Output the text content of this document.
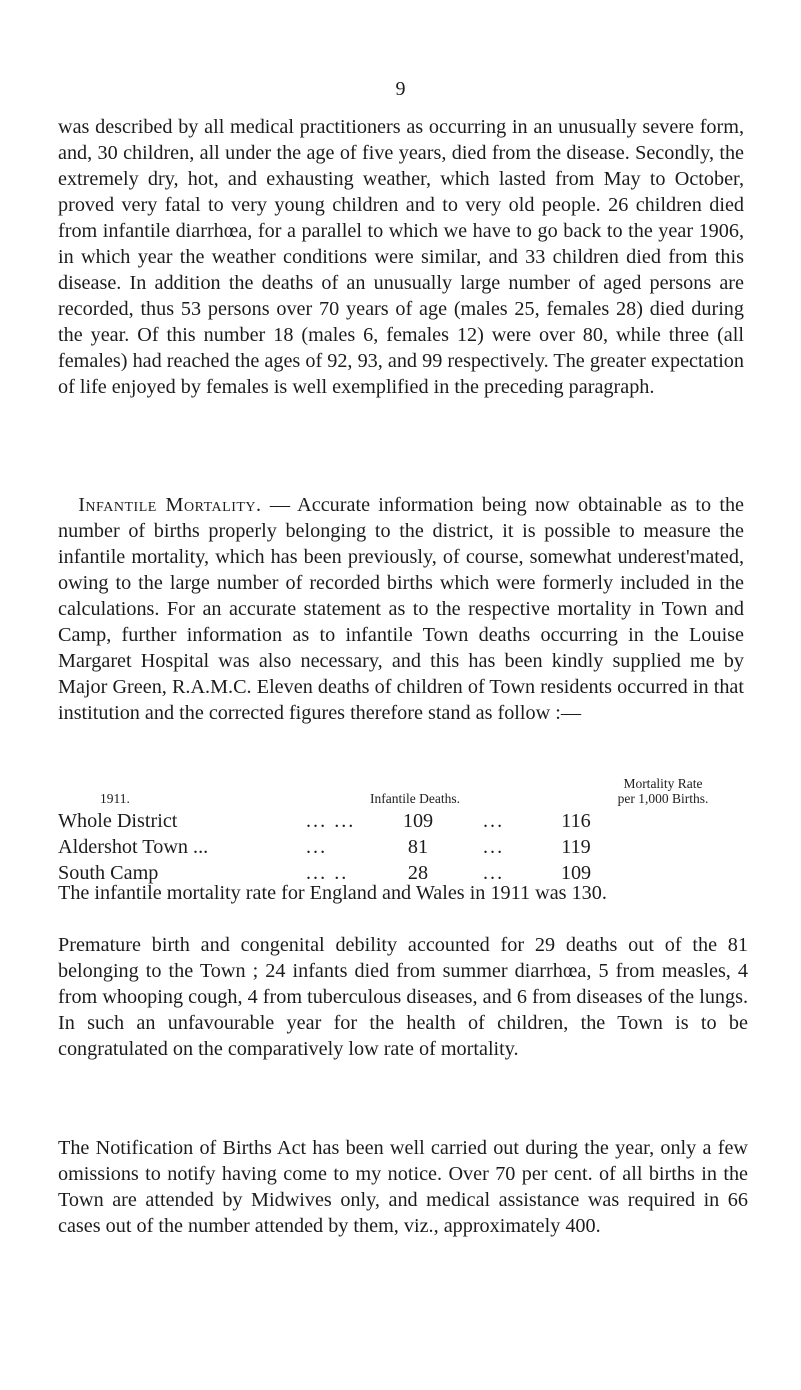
9

was described by all medical practitioners as occurring in an unusually severe form, and, 30 children, all under the age of five years, died from the disease. Secondly, the extremely dry, hot, and exhausting weather, which lasted from May to October, proved very fatal to very young children and to very old people. 26 children died from infantile diarrhœa, for a parallel to which we have to go back to the year 1906, in which year the weather conditions were similar, and 33 children died from this disease. In addition the deaths of an unusually large number of aged persons are recorded, thus 53 persons over 70 years of age (males 25, females 28) died during the year. Of this number 18 (males 6, females 12) were over 80, while three (all females) had reached the ages of 92, 93, and 99 respectively. The greater expectation of life enjoyed by females is well exemplified in the preceding paragraph.

 Infantile Mortality. — Accurate information being now obtainable as to the number of births properly belonging to the district, it is possible to measure the infantile mortality, which has been previously, of course, somewhat underest'mated, owing to the large number of recorded births which were formerly included in the calculations. For an accurate statement as to the respective mortality in Town and Camp, further information as to infantile Town deaths occurring in the Louise Margaret Hospital was also necessary, and this has been kindly supplied me by Major Green, R.A.M.C. Eleven deaths of children of Town residents occurred in that institution and the corrected figures therefore stand as follow :—

1911.	Infantile Deaths.
Mortality Rate
per 1,000 Births.
Whole District	... ...	109	...	116
Aldershot Town ...	...	81	...	119
South Camp	... ..	28	...	109

The infantile mortality rate for England and Wales in 1911 was 130.

Premature birth and congenital debility accounted for 29 deaths out of the 81 belonging to the Town ; 24 infants died from summer diarrhœa, 5 from measles, 4 from whooping cough, 4 from tuberculous diseases, and 6 from diseases of the lungs. In such an unfavourable year for the health of children, the Town is to be congratulated on the comparatively low rate of mortality.

The Notification of Births Act has been well carried out during the year, only a few omissions to notify having come to my notice. Over 70 per cent. of all births in the Town are attended by Midwives only, and medical assistance was required in 66 cases out of the number attended by them, viz., approximately 400.
